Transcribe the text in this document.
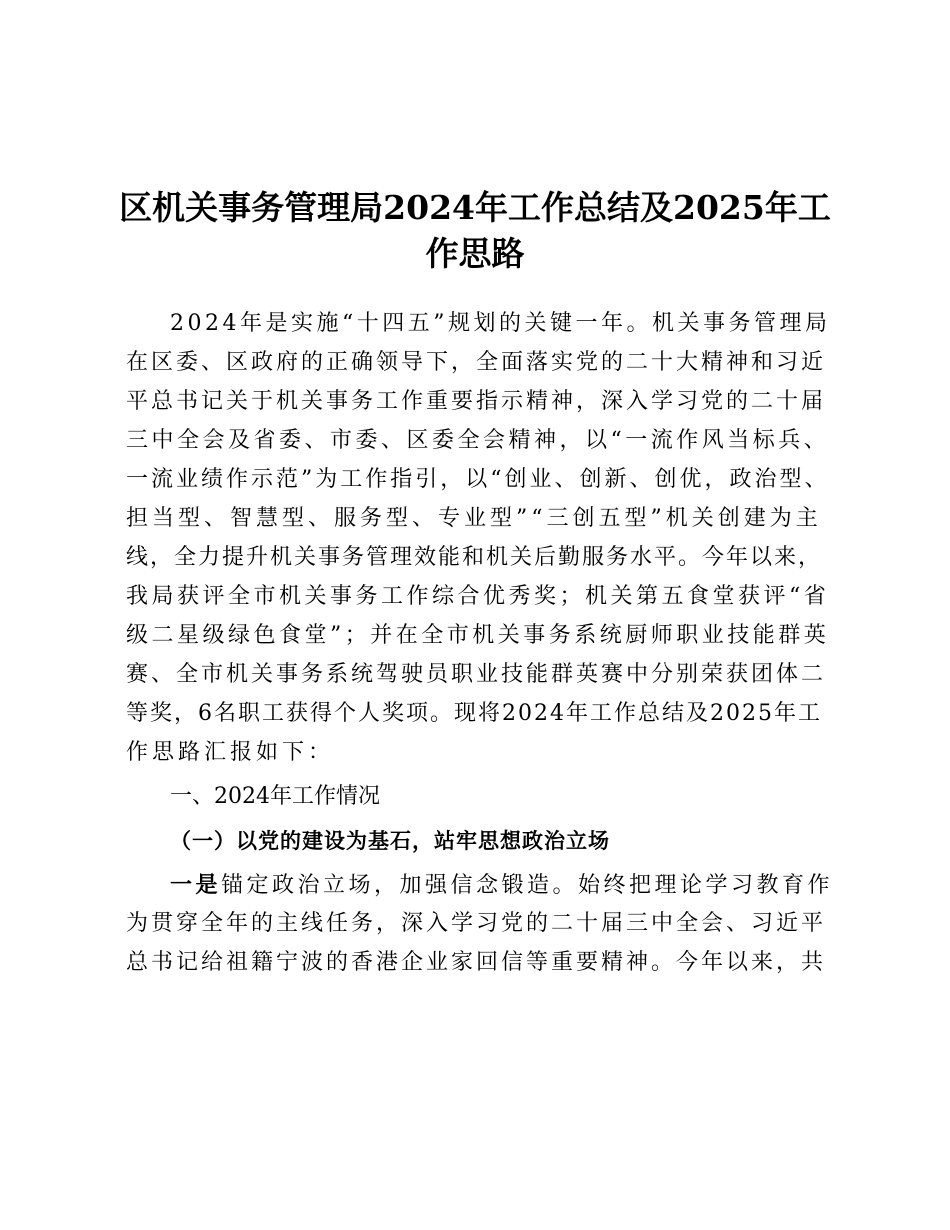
区机关事务管理局2024年工作总结及2025年工
作思路

2024年是实施“十四五”规划的关键一年。机关事务管理局

在区委、区政府的正确领导下，全面落实党的二十大精神和习近

平总书记关于机关事务工作重要指示精神，深入学习党的二十届

三中全会及省委、市委、区委全会精神，以“一流作风当标兵、

一流业绩作示范”为工作指引，以“创业、创新、创优，政治型、

担当型、智慧型、服务型、专业型”“三创五型”机关创建为主

线，全力提升机关事务管理效能和机关后勤服务水平。今年以来，

我局获评全市机关事务工作综合优秀奖；机关第五食堂获评“省

级二星级绿色食堂”；并在全市机关事务系统厨师职业技能群英

赛、全市机关事务系统驾驶员职业技能群英赛中分别荣获团体二

等奖，6名职工获得个人奖项。现将2024年工作总结及2025年工

作思路汇报如下：

一、2024年工作情况

（一）以党的建设为基石，站牢思想政治立场

一是锚定政治立场，加强信念锻造。始终把理论学习教育作

为贯穿全年的主线任务，深入学习党的二十届三中全会、习近平

总书记给祖籍宁波的香港企业家回信等重要精神。今年以来，共
